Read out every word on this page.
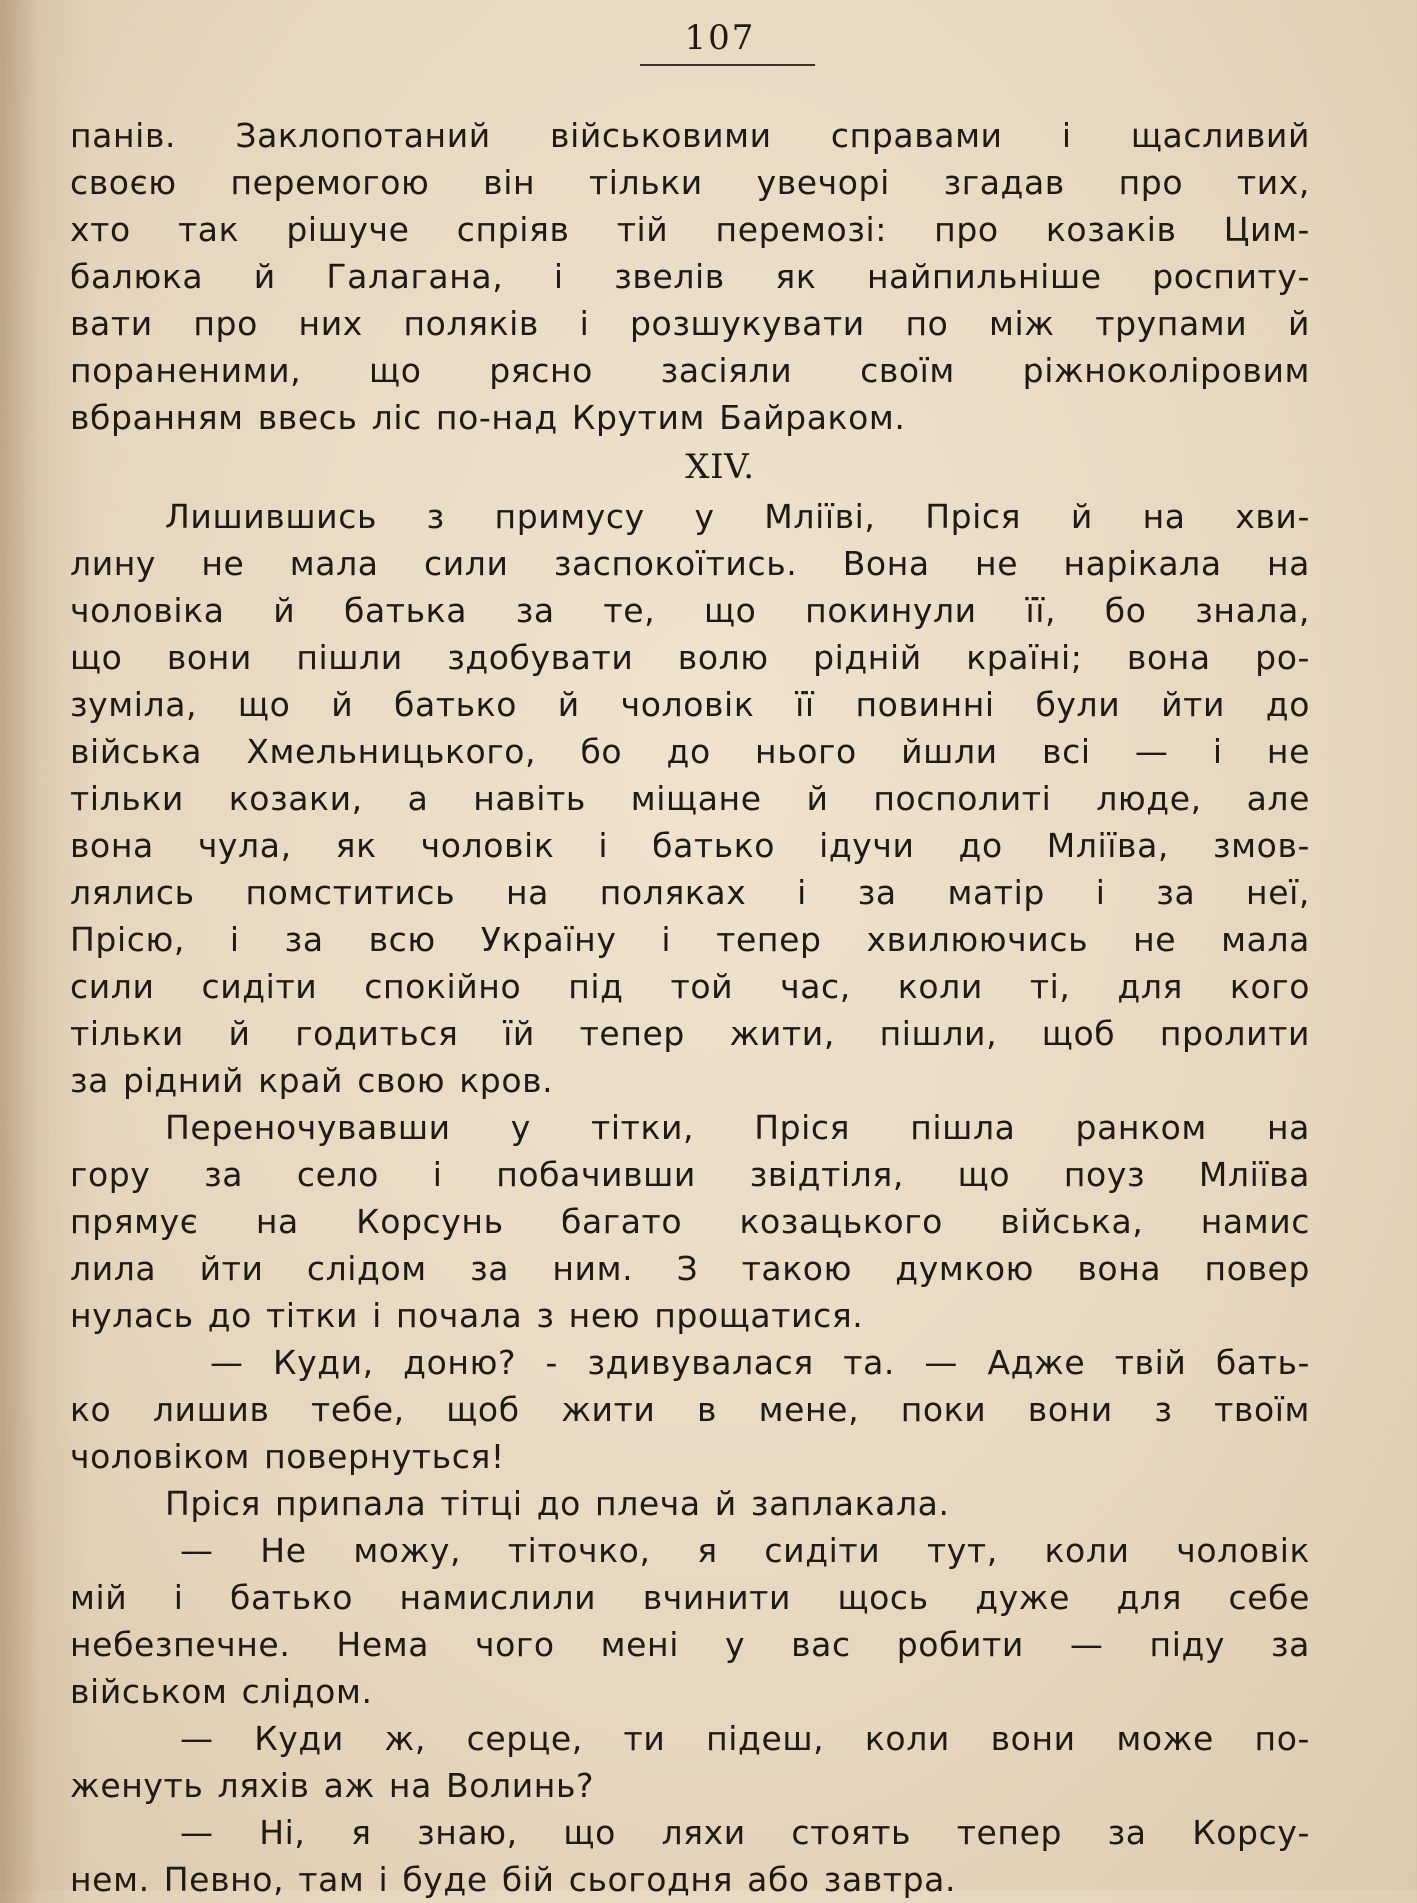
107
панів. Заклопотаний військовими справами і щасливий
своєю перемогою він тільки увечорі згадав про тих,
хто так рішуче спріяв тій перемозі: про козаків Цим-
балюка й Галагана, і звелів як найпильніше роспиту-
вати про них поляків і розшукувати по між трупами й
пораненими, що рясно засіяли своїм ріжноколіровим
вбранням ввесь ліс по-над Крутим Байраком.
XIV.
Лишившись з примусу у Мліїві, Прiся й на хви-
лину не мала сили заспокоїтись. Вона не нарікала на
чоловіка й батька за те, що покинули її, бо знала,
що вони пішли здобувати волю рідній країні; вона ро-
зуміла, що й батько й чоловік її повинні були йти до
війська Хмельницького, бо до нього йшли всі — і не
тільки козаки, а навіть міщане й посполиті люде, але
вона чула, як чоловік і батько ідучи до Мліїва, змов-
лялись помститись на поляках і за матір і за неї,
Прісю, і за всю Україну і тепер хвилюючись не мала
сили сидіти спокійно під той час, коли ті, для кого
тільки й годиться їй тепер жити, пішли, щоб пролити
за рідний край свою кров.
Переночувавши у тітки, Пріся пішла ранком на
гору за село і побачивши звідтіля, що поуз Мліїва
прямує на Корсунь багато козацького війська, намис
лила йти слідом за ним. З такою думкою вона повер
нулась до тітки і почала з нею прощатися.
— Куди, доню? - здивувалася та. — Адже твій бать-
ко лишив тебе, щоб жити в мене, поки вони з твоїм
чоловіком повернуться!
Пріся припала тітці до плеча й заплакала.
— Не можу, тіточко, я сидіти тут, коли чоловік
мій і батько намислили вчинити щось дуже для себе
небезпечне. Нема чого мені у вас робити — піду за
військом слідом.
— Куди ж, серце, ти підеш, коли вони може по-
женуть ляхів аж на Волинь?
— Ні, я знаю, що ляхи стоять тепер за Корсу-
нем. Певно, там і буде бій сьогодня або завтра.
